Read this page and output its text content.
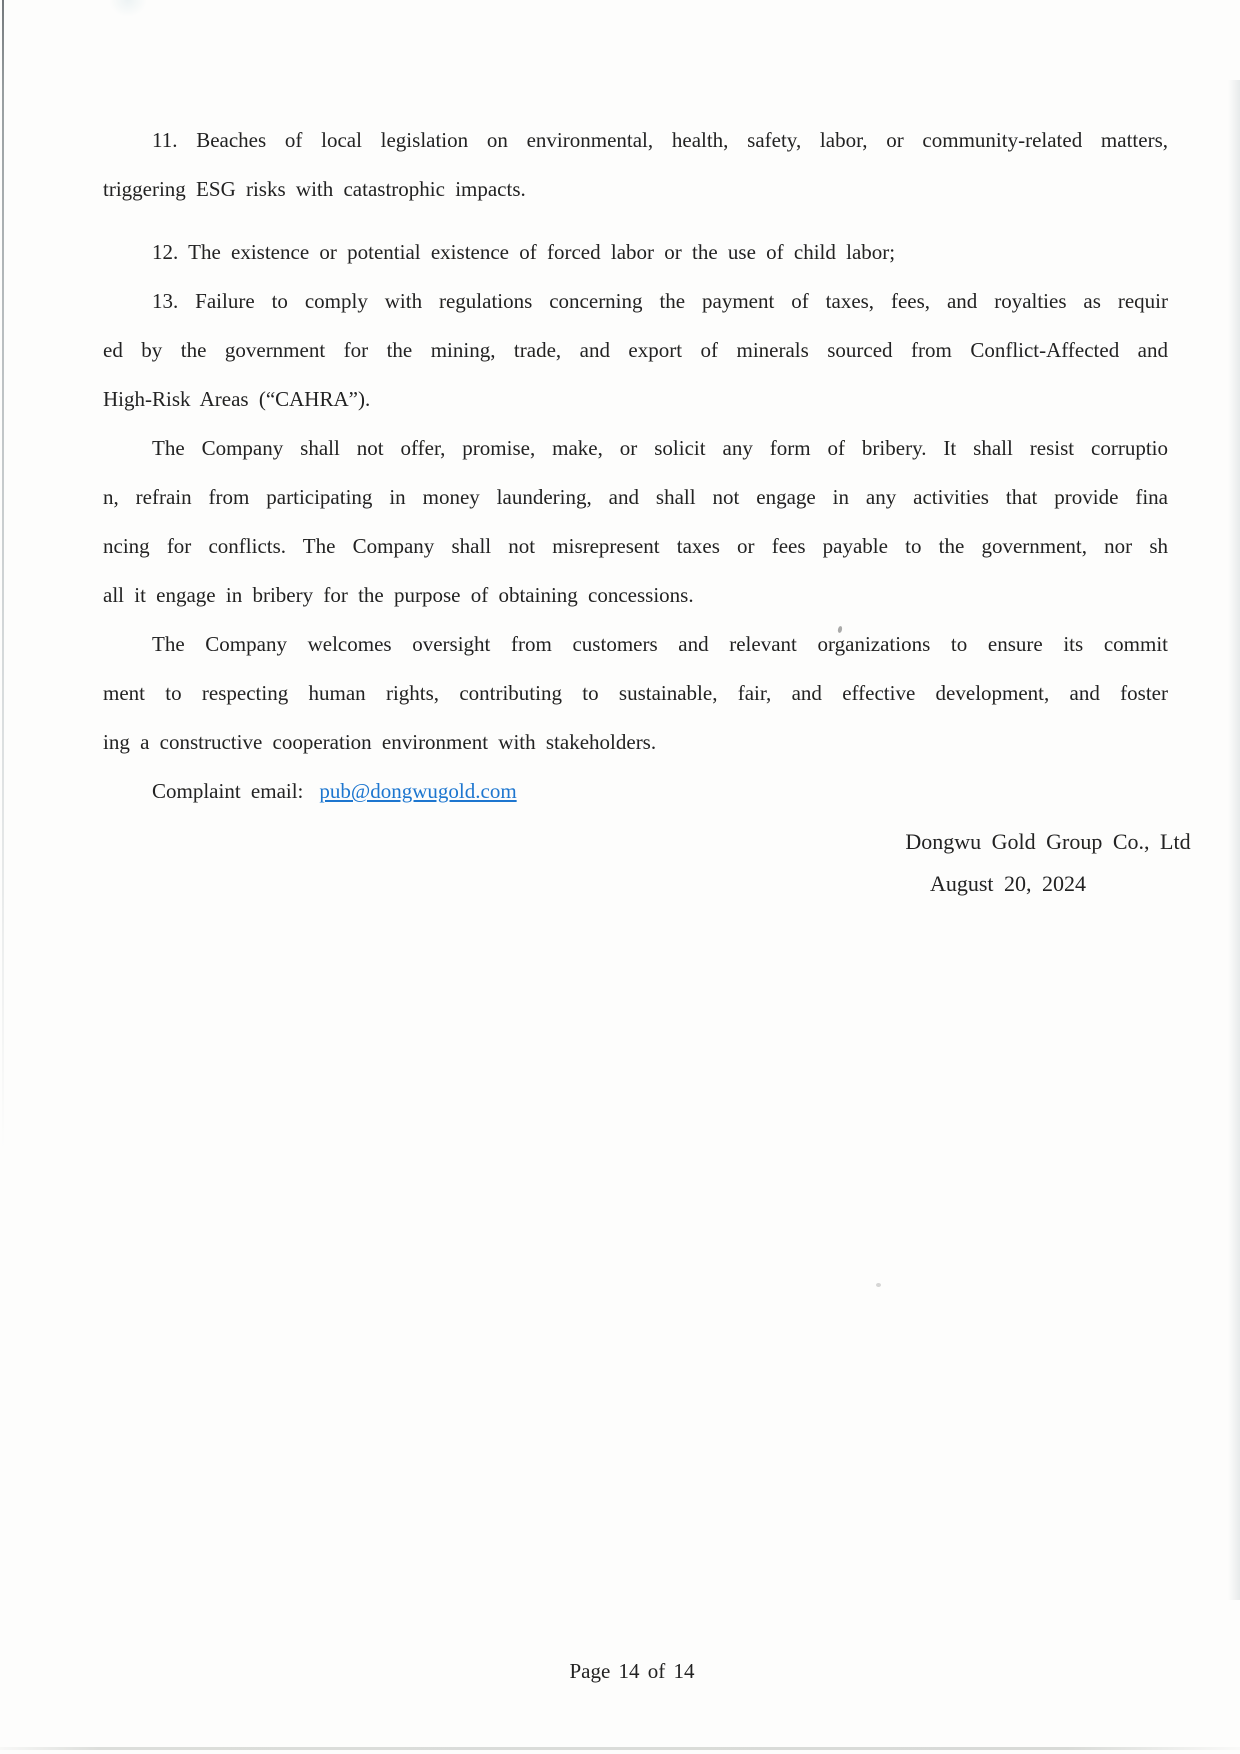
11. Beaches of local legislation on environmental, health, safety, labor, or community-related matters,
triggering ESG risks with catastrophic impacts.
12. The existence or potential existence of forced labor or the use of child labor;
13. Failure to comply with regulations concerning the payment of taxes, fees, and royalties as requir
ed by the government for the mining, trade, and export of minerals sourced from Conflict-Affected and
High-Risk Areas (“CAHRA”).
The Company shall not offer, promise, make, or solicit any form of bribery. It shall resist corruptio
n, refrain from participating in money laundering, and shall not engage in any activities that provide fina
ncing for conflicts. The Company shall not misrepresent taxes or fees payable to the government, nor sh
all it engage in bribery for the purpose of obtaining concessions.
The Company welcomes oversight from customers and relevant organizations to ensure its commit
ment to respecting human rights, contributing to sustainable, fair, and effective development, and foster
ing a constructive cooperation environment with stakeholders.
Complaint email: pub@dongwugold.com
Dongwu Gold Group Co., Ltd
August 20, 2024
Page 14 of 14
